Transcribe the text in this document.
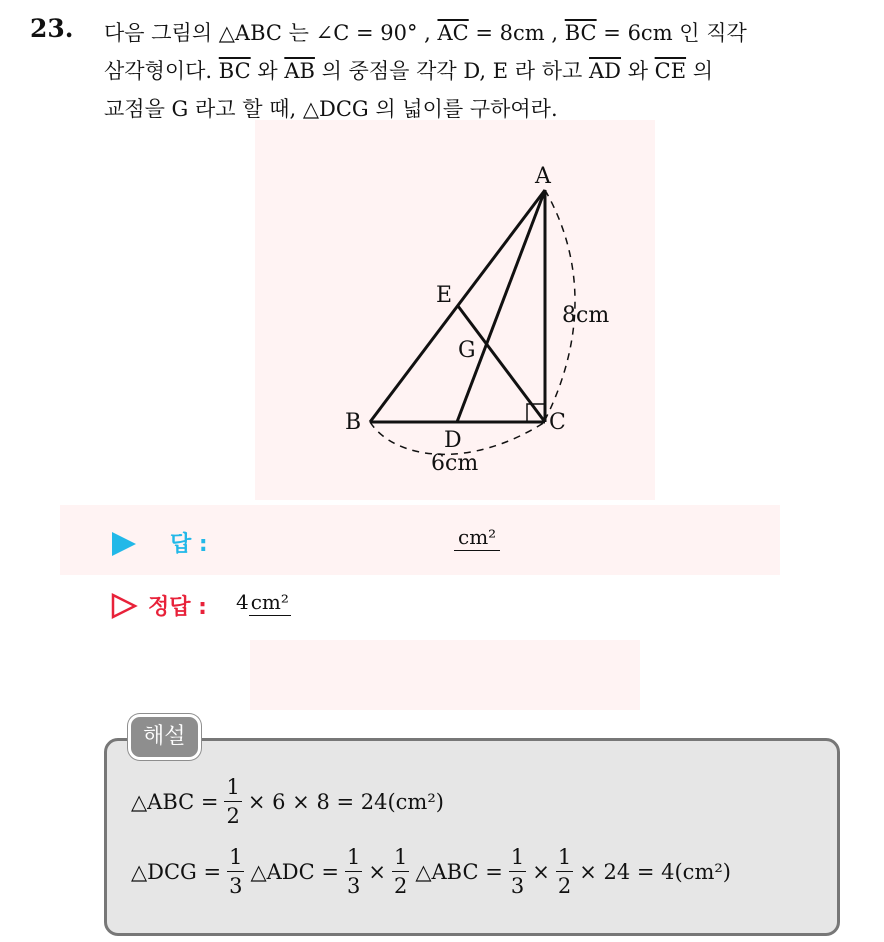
23. 다음 그림의 △ABC 는 ∠C = 90° , $\overline{AC} = 8cm$ , $\overline{BC} = 6cm$ 인 직각
삼각형이다. $\overline{BC}$ 와 $\overline{AB}$ 의 중점을 각각 D, E 라 하고 $\overline{AD}$ 와 $\overline{CE}$ 의
교점을 G 라고 할 때, △DCG 의 넓이를 구하여라.
A
E
G
B	C
D
8cm
6cm
답 :	cm²
정답 : 4 cm²
△ABC = $\frac{1}{2} \times 6 \times 8 = 24(cm^2)$
△DCG = $\frac{1}{3}$ △ADC = $\frac{1}{3} \times \frac{1}{2}$ △ABC = $\frac{1}{3} \times \frac{1}{2} \times 24 = 4(cm^2)$
해설
